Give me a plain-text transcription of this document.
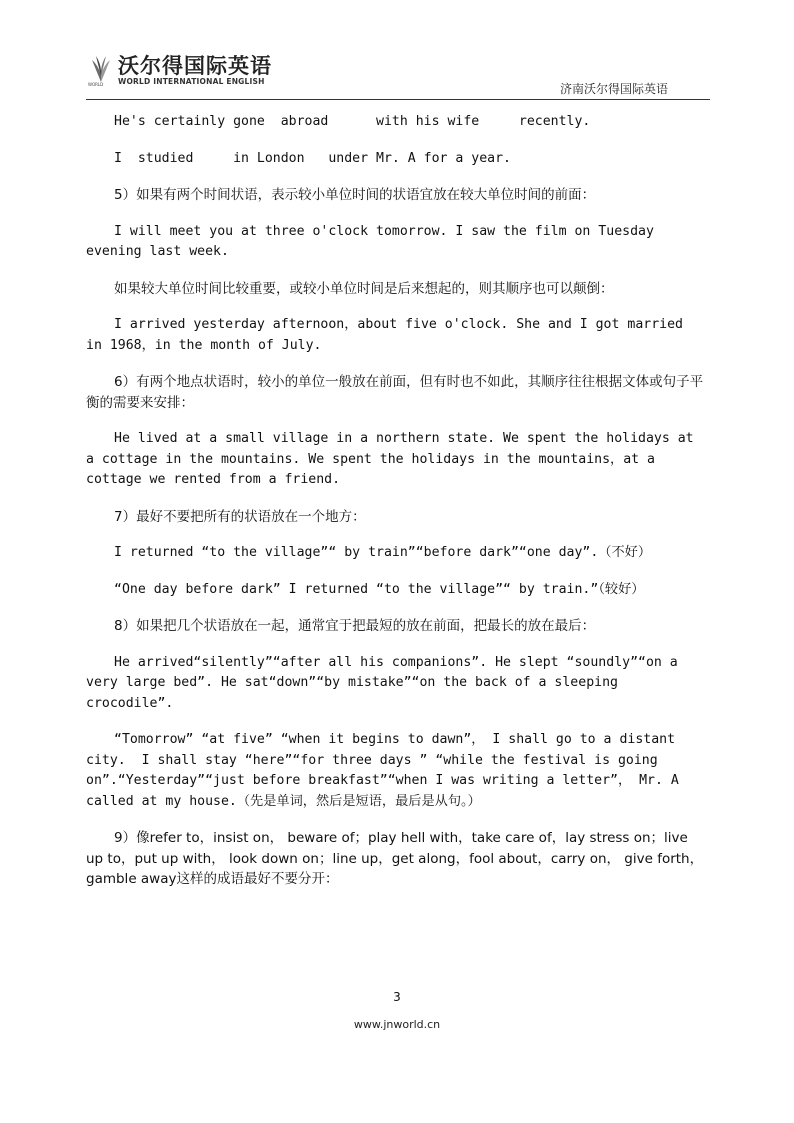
WORLD
沃尔得国际英语
WORLD INTERNATIONAL ENGLISH
济南沃尔得国际英语

He's certainly gone  abroad      with his wife     recently.

I  studied     in London   under Mr. A for a year.

5）如果有两个时间状语，表示较小单位时间的状语宜放在较大单位时间的前面：

I will meet you at three o'clock tomorrow. I saw the film on Tuesday evening last week.

如果较大单位时间比较重要，或较小单位时间是后来想起的，则其顺序也可以颠倒：

I arrived yesterday afternoon，about five o'clock. She and I got married in 1968，in the month of July.

6）有两个地点状语时，较小的单位一般放在前面，但有时也不如此，其顺序往往根据文体或句子平衡的需要来安排：

He lived at a small village in a northern state. We spent the holidays at a cottage in the mountains. We spent the holidays in the mountains，at a cottage we rented from a friend.

7）最好不要把所有的状语放在一个地方：

I returned “to the village”“ by train”“before dark”“one day”.（不好）

“One day before dark” I returned “to the village”“ by train.”（较好）

8）如果把几个状语放在一起，通常宜于把最短的放在前面，把最长的放在最后：

He arrived“silently”“after all his companions”. He slept “soundly”“on a very large bed”. He sat“down”“by mistake”“on the back of a sleeping crocodile”.

“Tomorrow” “at five” “when it begins to dawn”， I shall go to a distant city.  I shall stay “here”“for three days ” “while the festival is going on”.“Yesterday”“just before breakfast”“when I was writing a letter”， Mr. A called at my house.（先是单词，然后是短语，最后是从句。）

9）像refer to，insist on， beware of；play hell with，take care of，lay stress on；live up to，put up with， look down on；line up，get along，fool about，carry on， give forth，gamble away这样的成语最好不要分开：

3
www.jnworld.cn
